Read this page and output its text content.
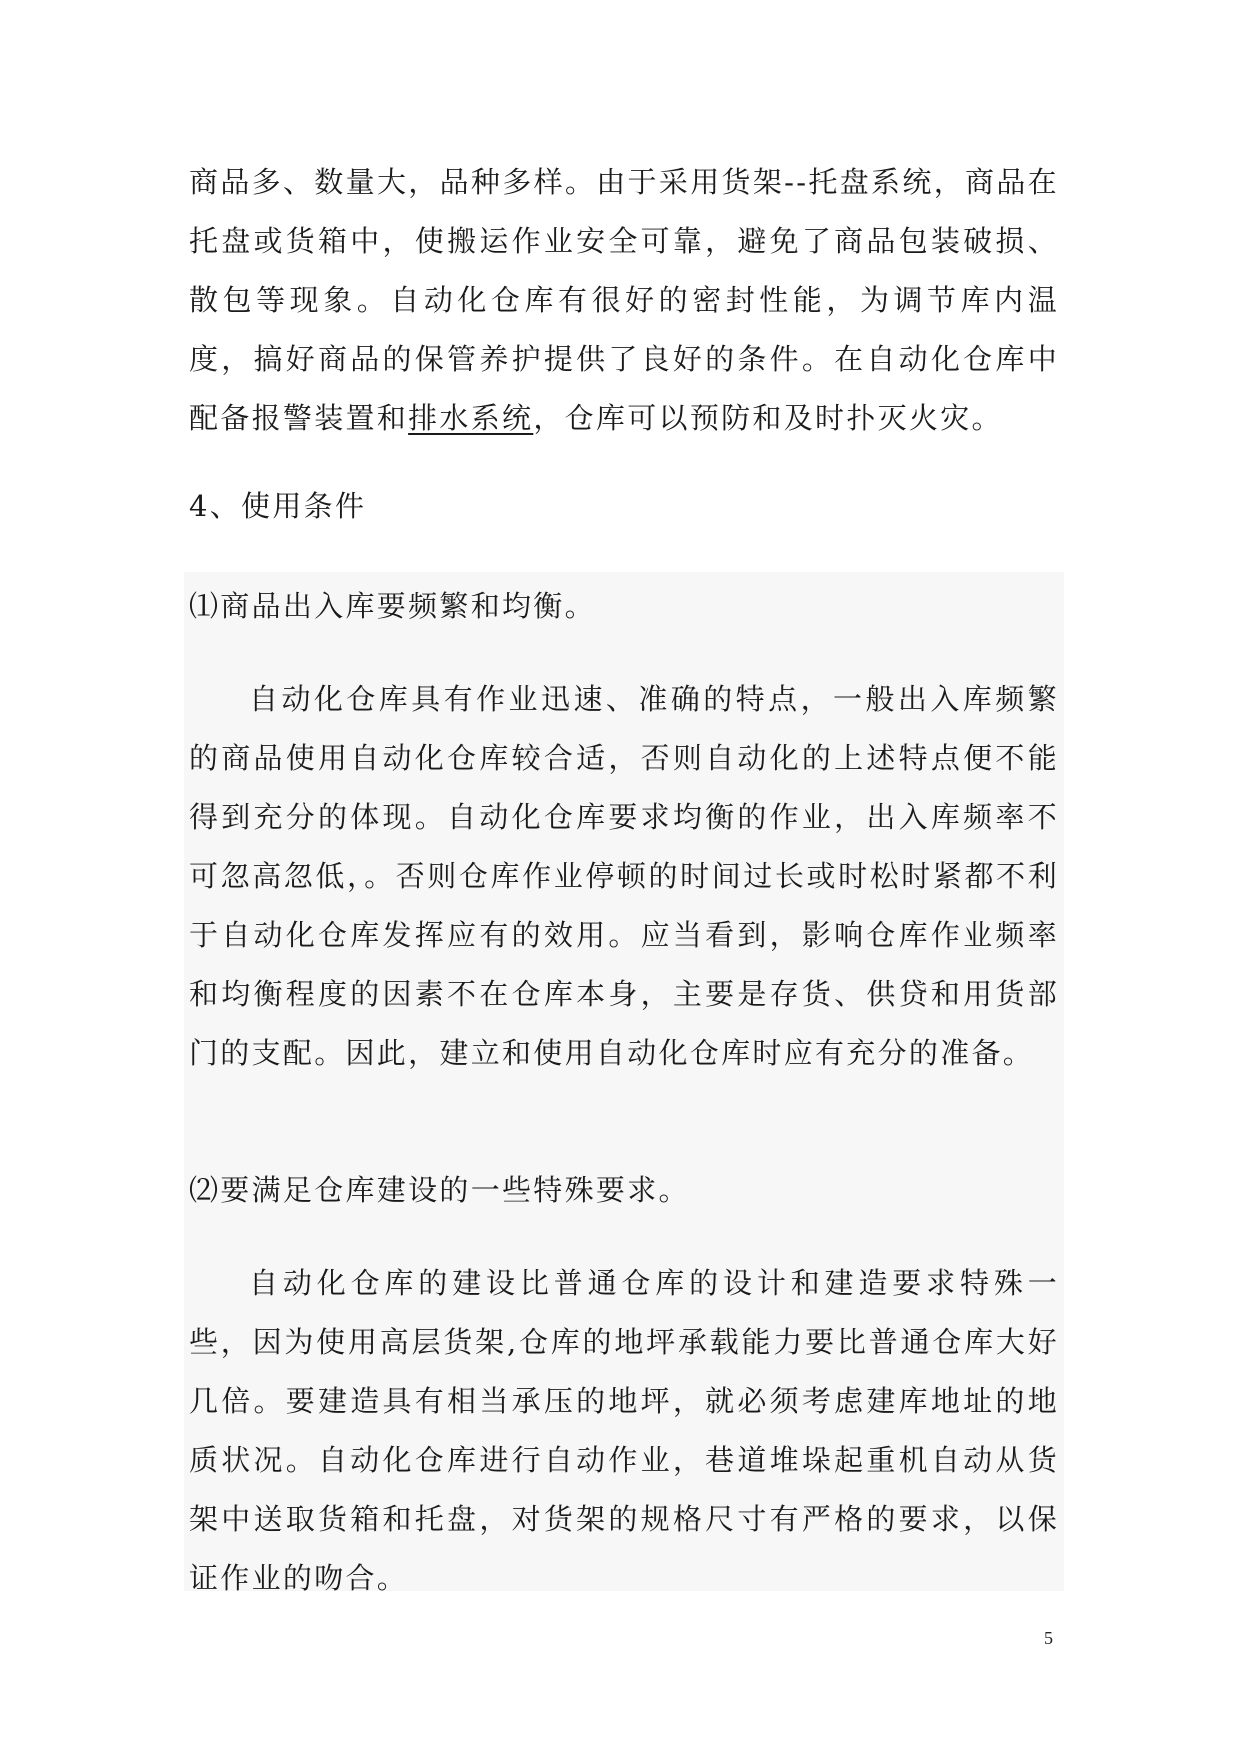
商品多、数量大，品种多样。由于采用货架--托盘系统，商品在托盘或货箱中，使搬运作业安全可靠，避免了商品包装破损、散包等现象。自动化仓库有很好的密封性能，为调节库内温度，搞好商品的保管养护提供了良好的条件。在自动化仓库中配备报警装置和排水系统，仓库可以预防和及时扑灭火灾。

4、使用条件
⑴商品出入库要频繁和均衡。

自动化仓库具有作业迅速、准确的特点，一般出入库频繁的商品使用自动化仓库较合适，否则自动化的上述特点便不能得到充分的体现。自动化仓库要求均衡的作业，出入库频率不可忽高忽低，。否则仓库作业停顿的时间过长或时松时紧都不利于自动化仓库发挥应有的效用。应当看到，影响仓库作业频率和均衡程度的因素不在仓库本身，主要是存货、供贷和用货部门的支配。因此，建立和使用自动化仓库时应有充分的准备。

⑵要满足仓库建设的一些特殊要求。

自动化仓库的建设比普通仓库的设计和建造要求特殊一些，因为使用高层货架,仓库的地坪承载能力要比普通仓库大好几倍。要建造具有相当承压的地坪，就必须考虑建库地址的地质状况。自动化仓库进行自动作业，巷道堆垛起重机自动从货架中送取货箱和托盘，对货架的规格尺寸有严格的要求，以保证作业的吻合。

5
